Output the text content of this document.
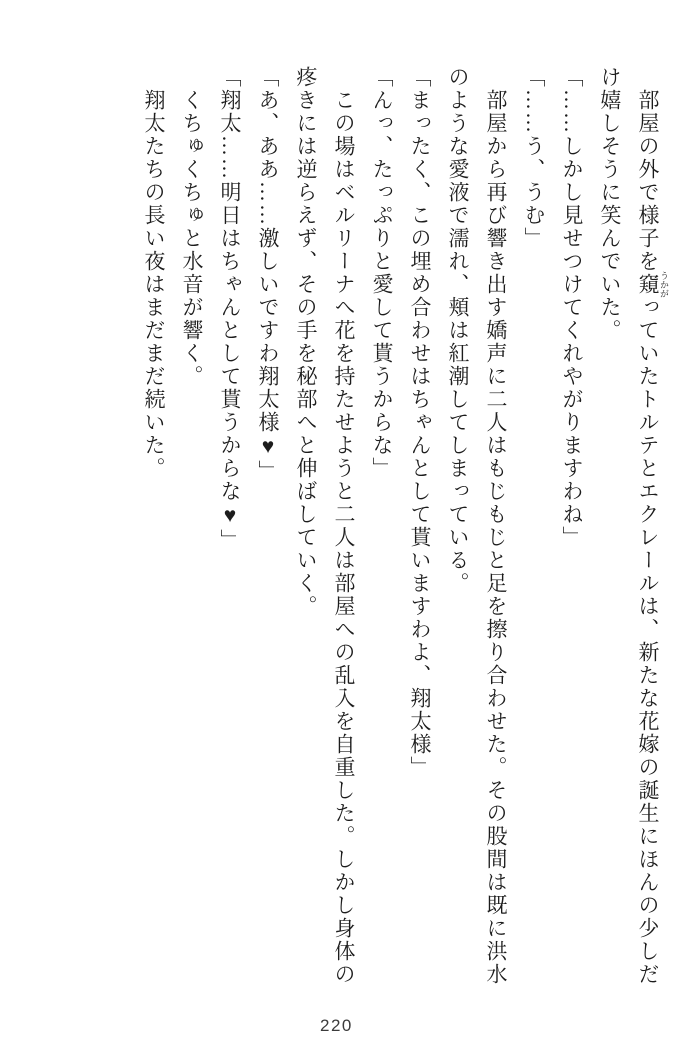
部屋の外で様子を窺 うかがっていたトルテとエクレールは、新たな花嫁の誕生にほんの少しだけ嬉しそうに笑んでいた。

「……しかし見せつけてくれやがりますわね」

「……う、うむ」

部屋から再び響き出す嬌声に二人はもじもじと足を擦り合わせた。その股間は既に洪水のような愛液で濡れ、頬は紅潮してしまっている。

「まったく、この埋め合わせはちゃんとして貰いますわよ、翔太様」

「んっ、たっぷりと愛して貰うからな」

この場はベルリーナへ花を持たせようと二人は部屋への乱入を自重した。しかし身体の疼きには逆らえず、その手を秘部へと伸ばしていく。

「あ、ああ……激しいですわ翔太様♥」

「翔太……明日はちゃんとして貰うからな♥」

くちゅくちゅと水音が響く。

翔太たちの長い夜はまだまだ続いた。

220
